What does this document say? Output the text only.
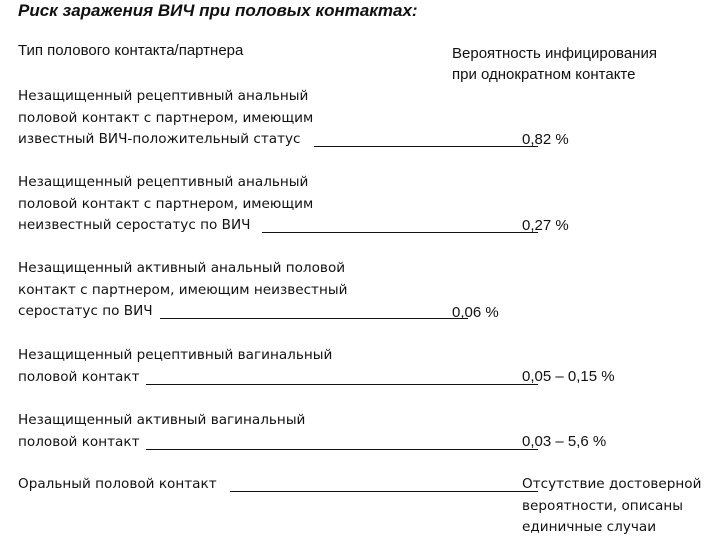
Риск заражения ВИЧ при половых контактах:
Тип полового контакта/партнера	Вероятность инфицирования
при однократном контакте
Незащищенный рецептивный анальный
половой контакт с партнером, имеющим
известный ВИЧ-положительный статус	0,82 %
Незащищенный рецептивный анальный
половой контакт с партнером, имеющим
неизвестный серостатус по ВИЧ	0,27 %
Незащищенный активный анальный половой
контакт с партнером, имеющим неизвестный
серостатус по ВИЧ	0,06 %
Незащищенный рецептивный вагинальный
половой контакт	0,05 – 0,15 %
Незащищенный активный вагинальный
половой контакт	0,03 – 5,6 %
Оральный половой контакт	Отсутствие достоверной
вероятности, описаны
единичные случаи
